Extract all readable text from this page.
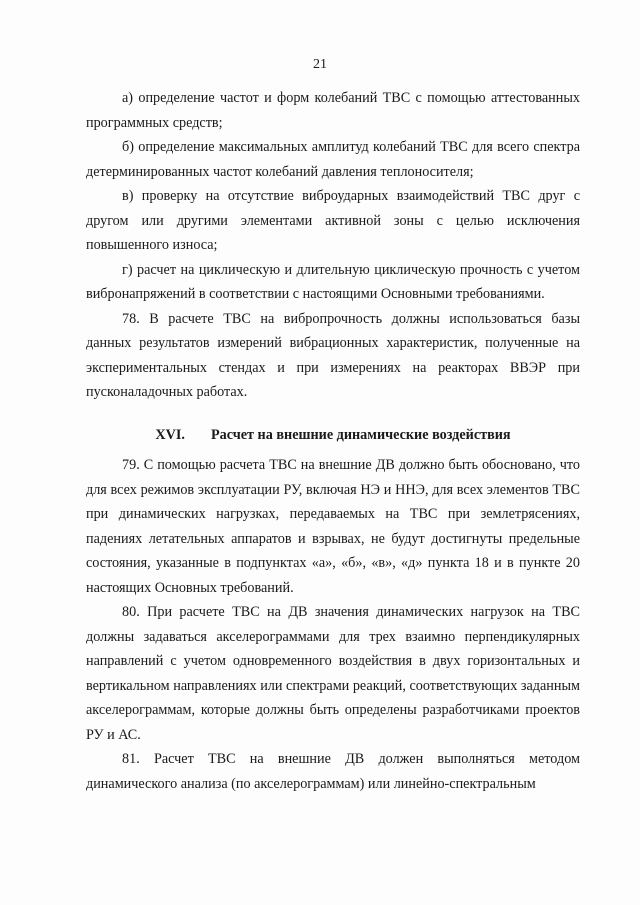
21

а) определение частот и форм колебаний ТВС с помощью аттестованных программных средств;

б) определение максимальных амплитуд колебаний ТВС для всего спектра детерминированных частот колебаний давления теплоносителя;

в) проверку на отсутствие виброударных взаимодействий ТВС друг с другом или другими элементами активной зоны с целью исключения повышенного износа;

г) расчет на циклическую и длительную циклическую прочность с учетом вибронапряжений в соответствии с настоящими Основными требованиями.

78. В расчете ТВС на вибропрочность должны использоваться базы данных результатов измерений вибрационных характеристик, полученные на экспериментальных стендах и при измерениях на реакторах ВВЭР при пусконаладочных работах.

XVI. Расчет на внешние динамические воздействия

79. С помощью расчета ТВС на внешние ДВ должно быть обосновано, что для всех режимов эксплуатации РУ, включая НЭ и ННЭ, для всех элементов ТВС при динамических нагрузках, передаваемых на ТВС при землетрясениях, падениях летательных аппаратов и взрывах, не будут достигнуты предельные состояния, указанные в подпунктах «а», «б», «в», «д» пункта 18 и в пункте 20 настоящих Основных требований.

80. При расчете ТВС на ДВ значения динамических нагрузок на ТВС должны задаваться акселерограммами для трех взаимно перпендикулярных направлений с учетом одновременного воздействия в двух горизонтальных и вертикальном направлениях или спектрами реакций, соответствующих заданным акселерограммам, которые должны быть определены разработчиками проектов РУ и АС.

81. Расчет ТВС на внешние ДВ должен выполняться методом динамического анализа (по акселерограммам) или линейно-спектральным
